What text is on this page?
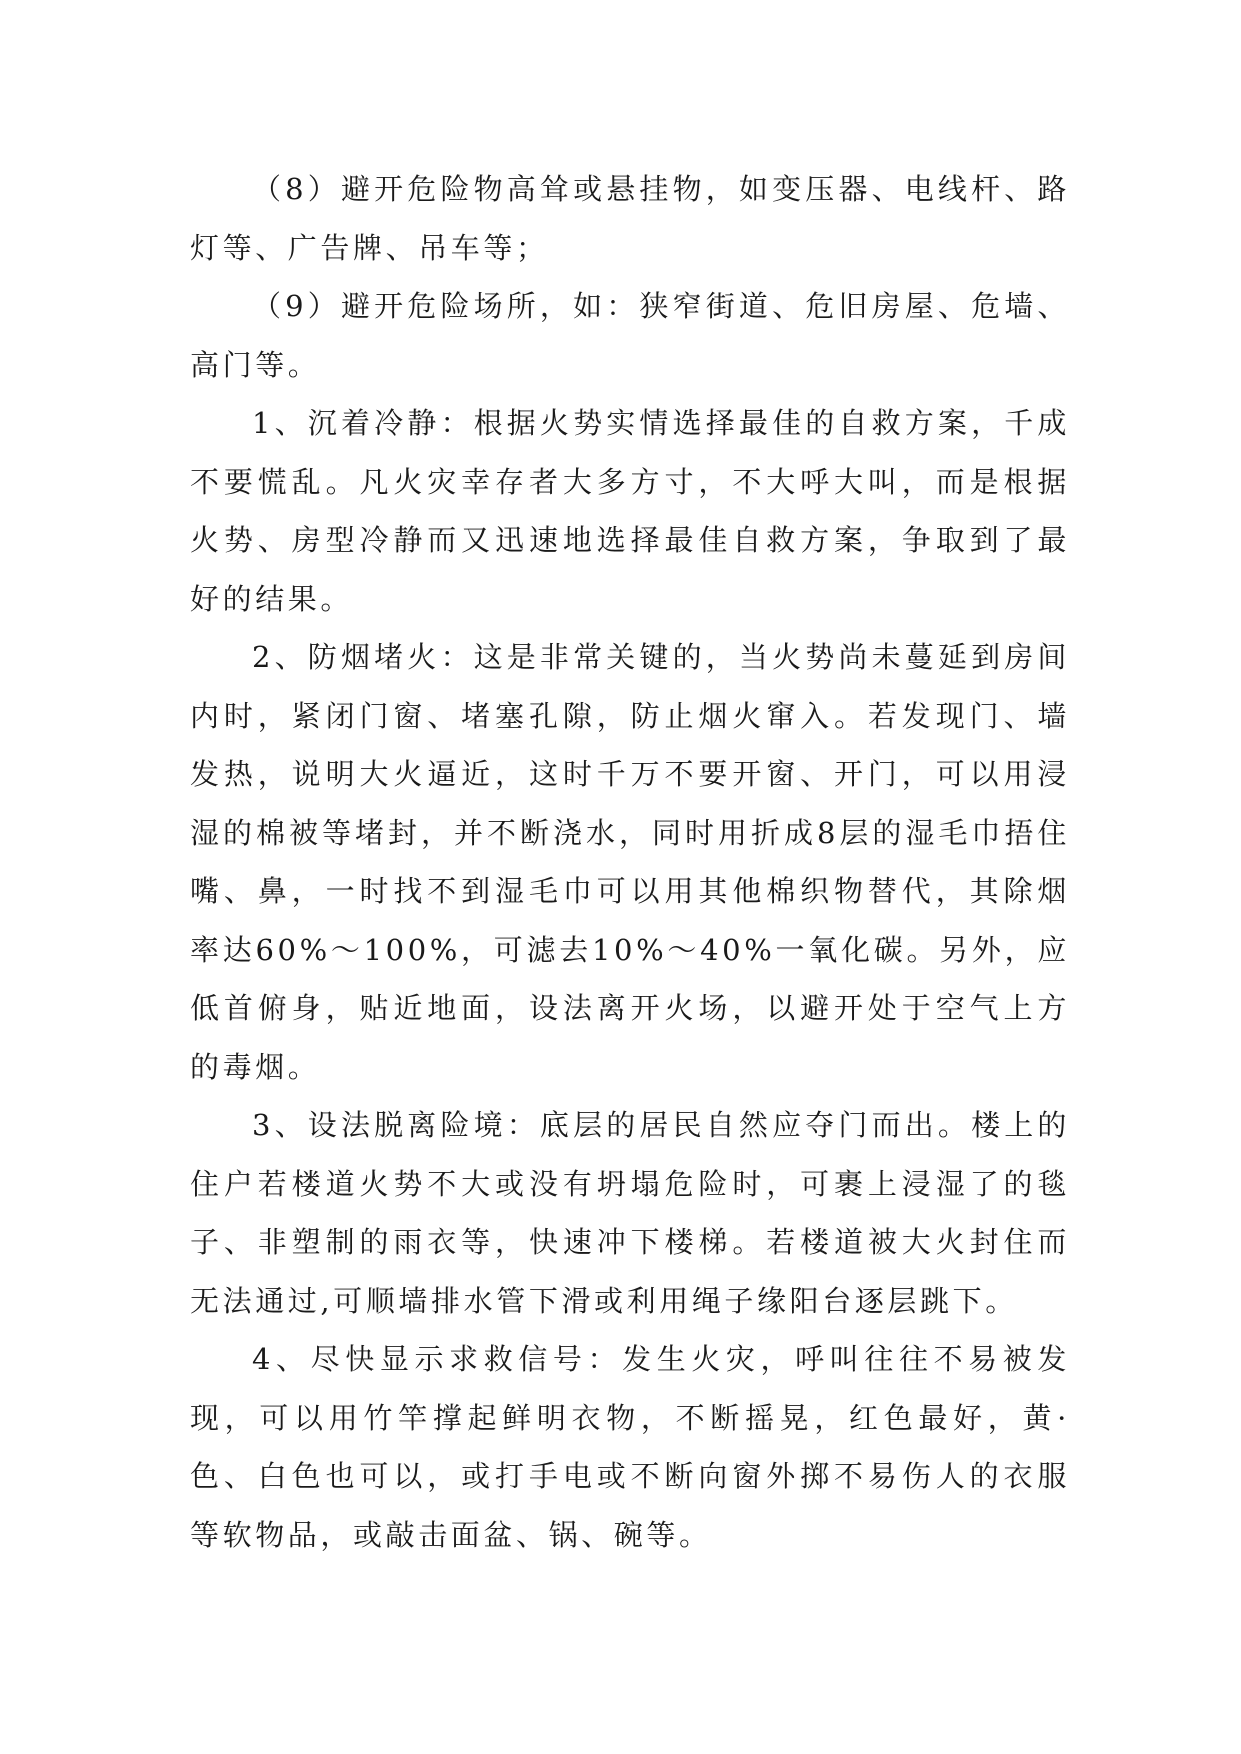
（8）避开危险物高耸或悬挂物，如变压器、电线杆、路灯等、广告牌、吊车等；

（9）避开危险场所，如：狭窄街道、危旧房屋、危墙、高门等。

1、沉着冷静：根据火势实情选择最佳的自救方案，千成不要慌乱。凡火灾幸存者大多方寸，不大呼大叫，而是根据火势、房型冷静而又迅速地选择最佳自救方案，争取到了最好的结果。

2、防烟堵火：这是非常关键的，当火势尚未蔓延到房间内时，紧闭门窗、堵塞孔隙，防止烟火窜入。若发现门、墙发热，说明大火逼近，这时千万不要开窗、开门，可以用浸湿的棉被等堵封，并不断浇水，同时用折成8层的湿毛巾捂住嘴、鼻，一时找不到湿毛巾可以用其他棉织物替代，其除烟率达60%～100%，可滤去10%～40%一氧化碳。另外，应低首俯身，贴近地面，设法离开火场，以避开处于空气上方的毒烟。

3、设法脱离险境：底层的居民自然应夺门而出。楼上的住户若楼道火势不大或没有坍塌危险时，可裹上浸湿了的毯子、非塑制的雨衣等，快速冲下楼梯。若楼道被大火封住而无法通过,可顺墙排水管下滑或利用绳子缘阳台逐层跳下。

4、尽快显示求救信号：发生火灾，呼叫往往不易被发现，可以用竹竿撑起鲜明衣物，不断摇晃，红色最好，黄·色、白色也可以，或打手电或不断向窗外掷不易伤人的衣服等软物品，或敲击面盆、锅、碗等。
